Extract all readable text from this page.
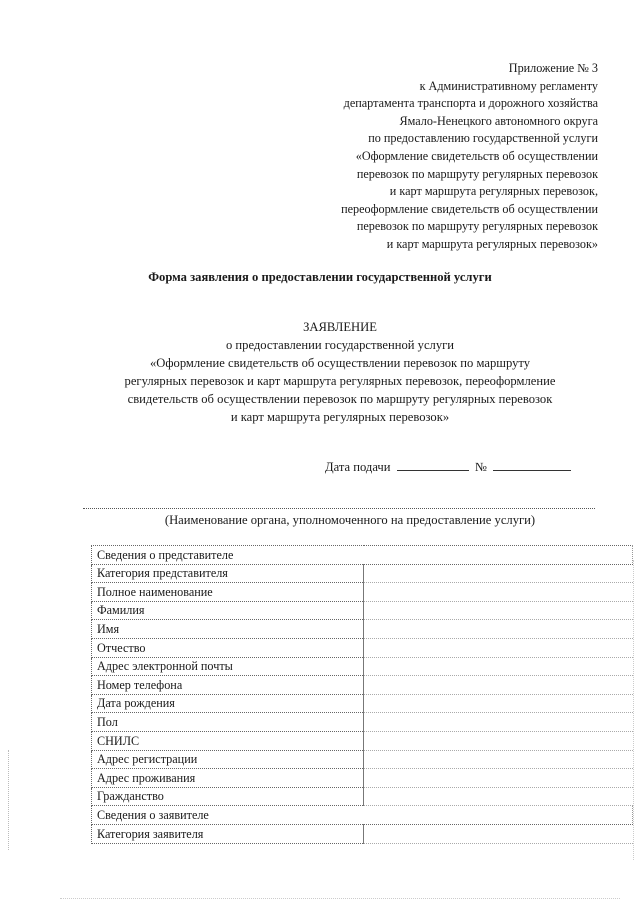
Приложение № 3
к Административному регламенту
департамента транспорта и дорожного хозяйства
Ямало-Ненецкого автономного округа
по предоставлению государственной услуги
«Оформление свидетельств об осуществлении
перевозок по маршруту регулярных перевозок
и карт маршрута регулярных перевозок,
переоформление свидетельств об осуществлении
перевозок по маршруту регулярных перевозок
и карт маршрута регулярных перевозок»
Форма заявления о предоставлении государственной услуги
ЗАЯВЛЕНИЕ
о предоставлении государственной услуги
«Оформление свидетельств об осуществлении перевозок по маршруту
регулярных перевозок и карт маршрута регулярных перевозок, переоформление
свидетельств об осуществлении перевозок по маршруту регулярных перевозок
и карт маршрута регулярных перевозок»
Дата подачи	№
(Наименование органа, уполномоченного на предоставление услуги)
Сведения о представителе	
Категория представителя	
Полное наименование	
Фамилия	
Имя	
Отчество	
Адрес электронной почты	
Номер телефона	
Дата рождения	
Пол	
СНИЛС	
Адрес регистрации	
Адрес проживания	
Гражданство	
Сведения о заявителе	
Категория заявителя	
